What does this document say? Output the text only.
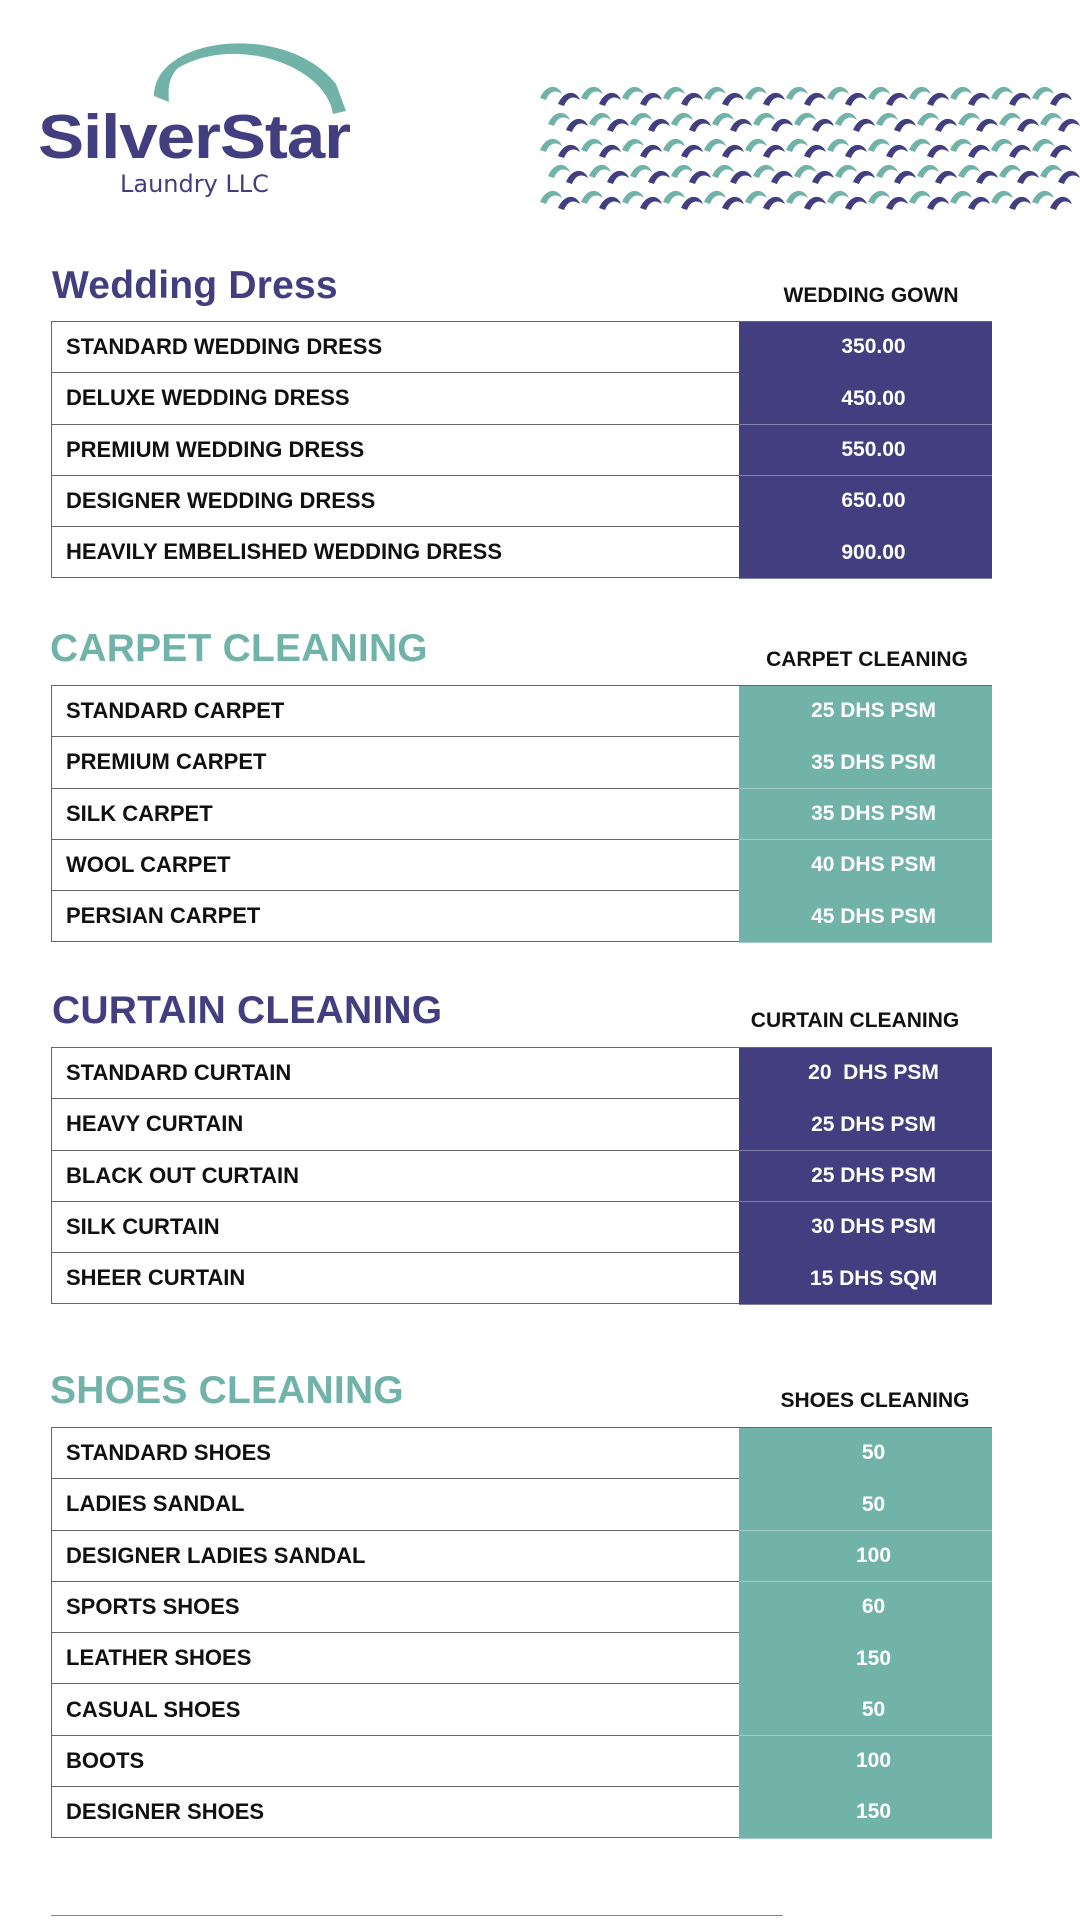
SilverStar
Laundry LLC
Wedding Dress	WEDDING GOWN
STANDARD WEDDING DRESS	350.00
DELUXE WEDDING DRESS	450.00
PREMIUM WEDDING DRESS	550.00
DESIGNER WEDDING DRESS	650.00
HEAVILY EMBELISHED WEDDING DRESS	900.00
CARPET CLEANING	CARPET CLEANING
STANDARD CARPET	25 DHS PSM
PREMIUM CARPET	35 DHS PSM
SILK CARPET	35 DHS PSM
WOOL CARPET	40 DHS PSM
PERSIAN CARPET	45 DHS PSM
CURTAIN CLEANING	CURTAIN CLEANING
STANDARD CURTAIN	20  DHS PSM
HEAVY CURTAIN	25 DHS PSM
BLACK OUT CURTAIN	25 DHS PSM
SILK CURTAIN	30 DHS PSM
SHEER CURTAIN	15 DHS SQM
SHOES CLEANING	SHOES CLEANING
STANDARD SHOES	50
LADIES SANDAL	50
DESIGNER LADIES SANDAL	100
SPORTS SHOES	60
LEATHER SHOES	150
CASUAL SHOES	50
BOOTS	100
DESIGNER SHOES	150
